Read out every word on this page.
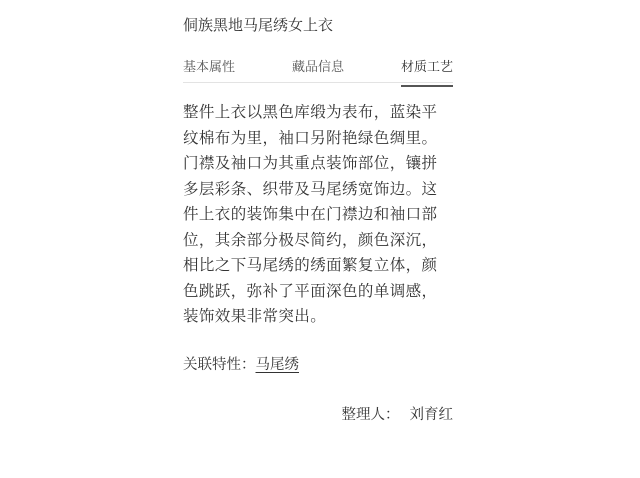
侗族黑地马尾绣女上衣
基本属性	藏品信息	材质工艺
整件上衣以黑色库缎为表布，蓝染平纹棉布为里，袖口另附艳绿色绸里。门襟及袖口为其重点装饰部位，镶拼多层彩条、织带及马尾绣宽饰边。这件上衣的装饰集中在门襟边和袖口部位，其余部分极尽简约，颜色深沉，相比之下马尾绣的绣面繁复立体，颜色跳跃，弥补了平面深色的单调感，装饰效果非常突出。
关联特性：马尾绣
整理人： 刘育红
